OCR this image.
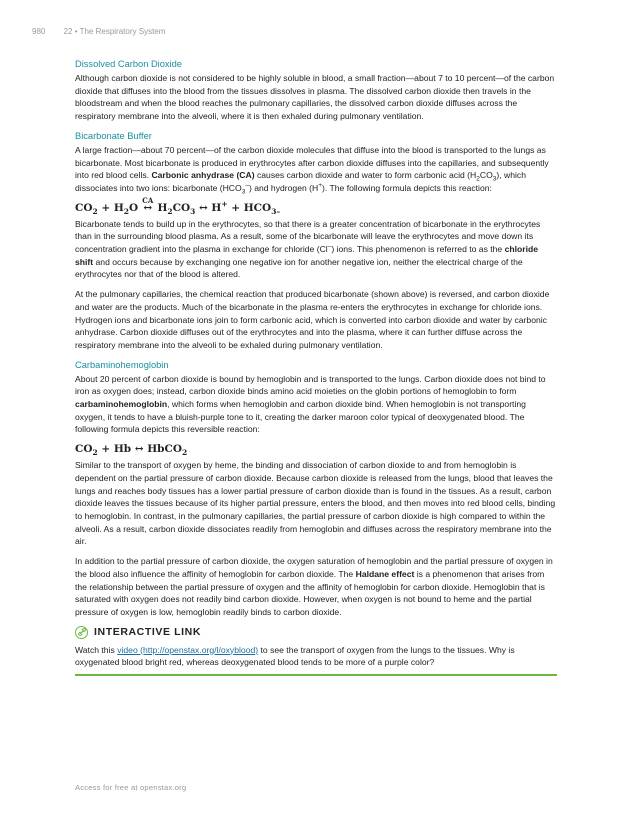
980 22 • The Respiratory System
Dissolved Carbon Dioxide

Although carbon dioxide is not considered to be highly soluble in blood, a small fraction—about 7 to 10 percent—of the carbon dioxide that diffuses into the blood from the tissues dissolves in plasma. The dissolved carbon dioxide then travels in the bloodstream and when the blood reaches the pulmonary capillaries, the dissolved carbon dioxide diffuses across the respiratory membrane into the alveoli, where it is then exhaled during pulmonary ventilation.

Bicarbonate Buffer

A large fraction—about 70 percent—of the carbon dioxide molecules that diffuse into the blood is transported to the lungs as bicarbonate. Most bicarbonate is produced in erythrocytes after carbon dioxide diffuses into the capillaries, and subsequently into red blood cells. Carbonic anhydrase (CA) causes carbon dioxide and water to form carbonic acid $(H_2CO_3)$, which dissociates into two ions: bicarbonate $(HCO_3^-)$ and hydrogen (H+). The following formula depicts this reaction:

$CO_2 + H_2O$
CA
↔ $H_2CO_3$ ↔ $H^+ + HCO_{3-}$

Bicarbonate tends to build up in the erythrocytes, so that there is a greater concentration of bicarbonate in the erythrocytes than in the surrounding blood plasma. As a result, some of the bicarbonate will leave the erythrocytes and move down its concentration gradient into the plasma in exchange for chloride (Cl–) ions. This phenomenon is referred to as the chloride shift and occurs because by exchanging one negative ion for another negative ion, neither the electrical charge of the erythrocytes nor that of the blood is altered.

At the pulmonary capillaries, the chemical reaction that produced bicarbonate (shown above) is reversed, and carbon dioxide and water are the products. Much of the bicarbonate in the plasma re-enters the erythrocytes in exchange for chloride ions. Hydrogen ions and bicarbonate ions join to form carbonic acid, which is converted into carbon dioxide and water by carbonic anhydrase. Carbon dioxide diffuses out of the erythrocytes and into the plasma, where it can further diffuse across the respiratory membrane into the alveoli to be exhaled during pulmonary ventilation.

Carbaminohemoglobin

About 20 percent of carbon dioxide is bound by hemoglobin and is transported to the lungs. Carbon dioxide does not bind to iron as oxygen does; instead, carbon dioxide binds amino acid moieties on the globin portions of hemoglobin to form carbaminohemoglobin, which forms when hemoglobin and carbon dioxide bind. When hemoglobin is not transporting oxygen, it tends to have a bluish-purple tone to it, creating the darker maroon color typical of deoxygenated blood. The following formula depicts this reversible reaction:

$CO_2 + Hb$ ↔ HbCO$_2$

Similar to the transport of oxygen by heme, the binding and dissociation of carbon dioxide to and from hemoglobin is dependent on the partial pressure of carbon dioxide. Because carbon dioxide is released from the lungs, blood that leaves the lungs and reaches body tissues has a lower partial pressure of carbon dioxide than is found in the tissues. As a result, carbon dioxide leaves the tissues because of its higher partial pressure, enters the blood, and then moves into red blood cells, binding to hemoglobin. In contrast, in the pulmonary capillaries, the partial pressure of carbon dioxide is high compared to within the alveoli. As a result, carbon dioxide dissociates readily from hemoglobin and diffuses across the respiratory membrane into the air.

In addition to the partial pressure of carbon dioxide, the oxygen saturation of hemoglobin and the partial pressure of oxygen in the blood also influence the affinity of hemoglobin for carbon dioxide. The Haldane effect is a phenomenon that arises from the relationship between the partial pressure of oxygen and the affinity of hemoglobin for carbon dioxide. Hemoglobin that is saturated with oxygen does not readily bind carbon dioxide. However, when oxygen is not bound to heme and the partial pressure of oxygen is low, hemoglobin readily binds to carbon dioxide.

INTERACTIVE LINK
Watch this video (http://openstax.org/l/oxyblood) to see the transport of oxygen from the lungs to the tissues. Why is oxygenated blood bright red, whereas deoxygenated blood tends to be more of a purple color?
Access for free at openstax.org
